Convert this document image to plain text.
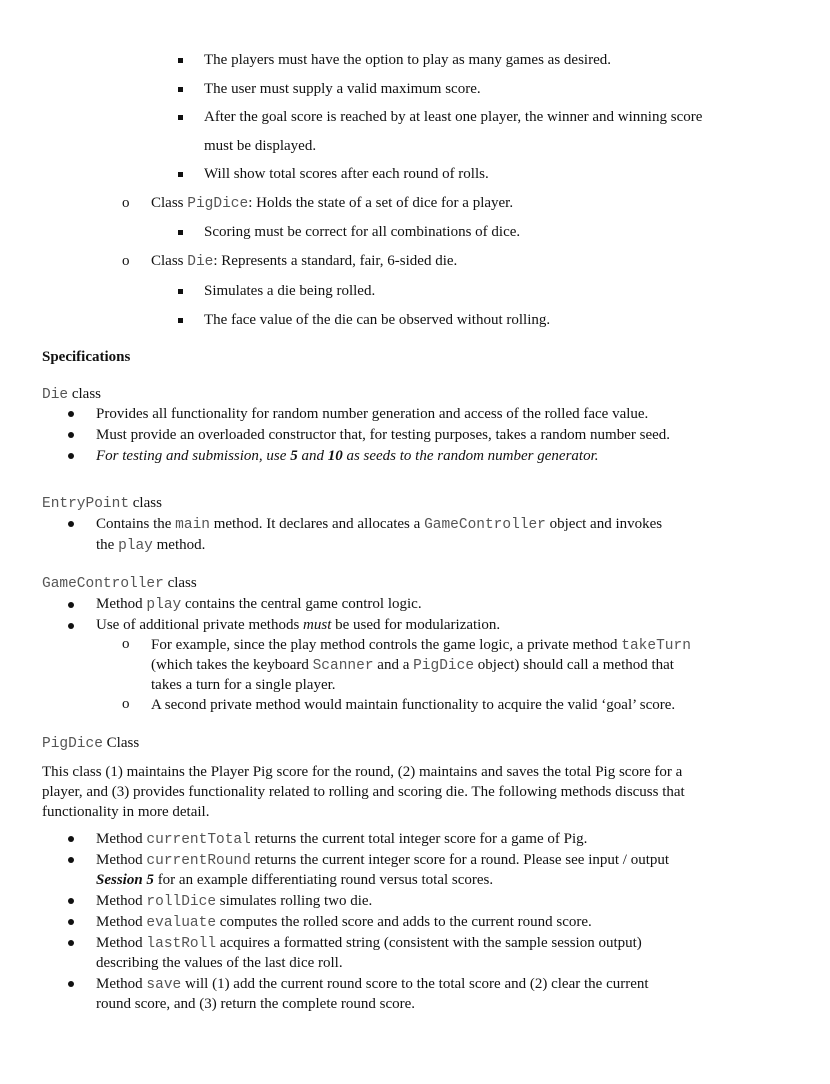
The players must have the option to play as many games as desired.
The user must supply a valid maximum score.
After the goal score is reached by at least one player, the winner and winning score
must be displayed.
Will show total scores after each round of rolls.
o Class PigDice: Holds the state of a set of dice for a player.
Scoring must be correct for all combinations of dice.
o Class Die: Represents a standard, fair, 6-sided die.
Simulates a die being rolled.
The face value of the die can be observed without rolling.
Specifications
Die class
Provides all functionality for random number generation and access of the rolled face value.
Must provide an overloaded constructor that, for testing purposes, takes a random number seed.
For testing and submission, use 5 and 10 as seeds to the random number generator.
EntryPoint class
Contains the main method. It declares and allocates a GameController object and invokes
the play method.
GameController class
Method play contains the central game control logic.
Use of additional private methods must be used for modularization.
o For example, since the play method controls the game logic, a private method takeTurn
(which takes the keyboard Scanner and a PigDice object) should call a method that
takes a turn for a single player.
o A second private method would maintain functionality to acquire the valid ‘goal’ score.
PigDice Class
This class (1) maintains the Player Pig score for the round, (2) maintains and saves the total Pig score for a
player, and (3) provides functionality related to rolling and scoring die. The following methods discuss that
functionality in more detail.
Method currentTotal returns the current total integer score for a game of Pig.
Method currentRound returns the current integer score for a round. Please see input / output
Session 5 for an example differentiating round versus total scores.
Method rollDice simulates rolling two die.
Method evaluate computes the rolled score and adds to the current round score.
Method lastRoll acquires a formatted string (consistent with the sample session output)
describing the values of the last dice roll.
Method save will (1) add the current round score to the total score and (2) clear the current
round score, and (3) return the complete round score.
